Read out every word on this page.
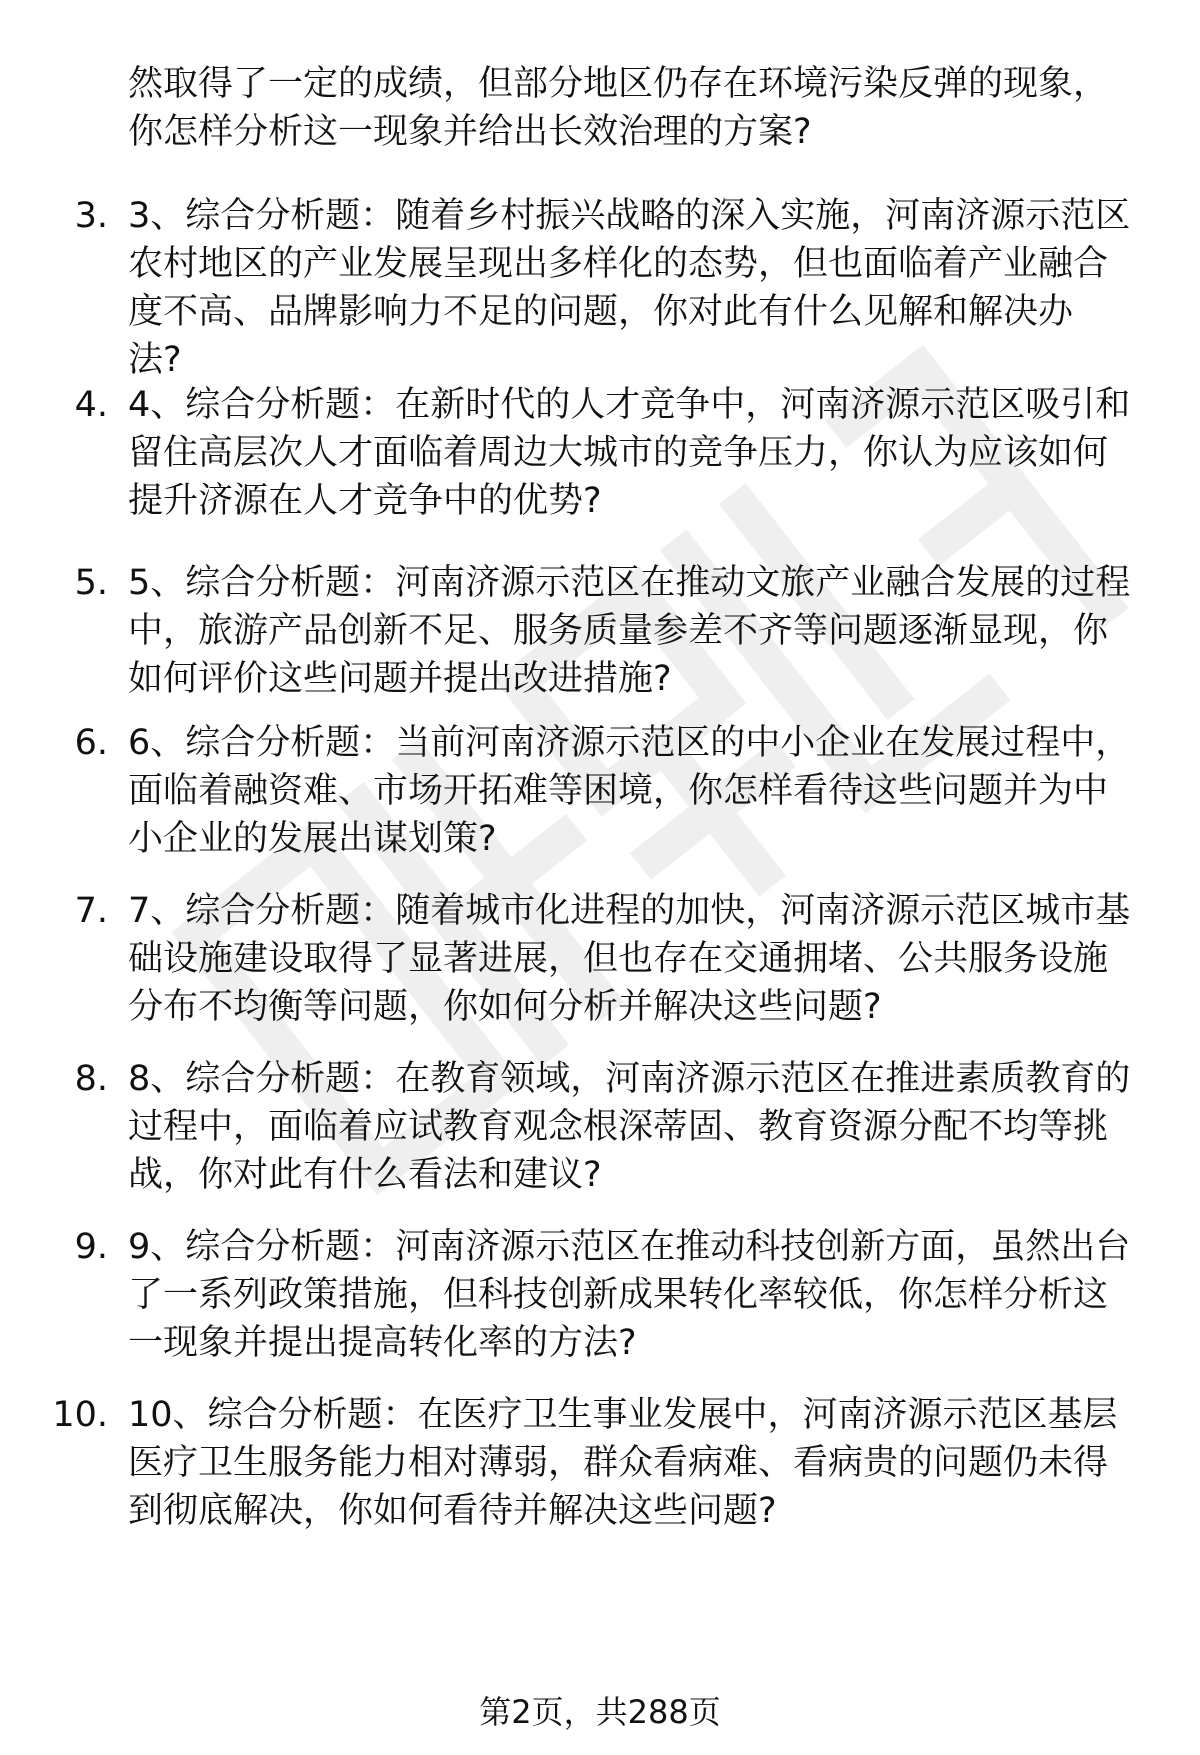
然取得了一定的成绩，但部分地区仍存在环境污染反弹的现象，
你怎样分析这一现象并给出长效治理的方案?
3. 3、综合分析题：随着乡村振兴战略的深入实施，河南济源示范区
农村地区的产业发展呈现出多样化的态势，但也面临着产业融合
度不高、品牌影响力不足的问题，你对此有什么见解和解决办
法?
4. 4、综合分析题：在新时代的人才竞争中，河南济源示范区吸引和
留住高层次人才面临着周边大城市的竞争压力，你认为应该如何
提升济源在人才竞争中的优势?
5. 5、综合分析题：河南济源示范区在推动文旅产业融合发展的过程
中，旅游产品创新不足、服务质量参差不齐等问题逐渐显现，你
如何评价这些问题并提出改进措施?
6. 6、综合分析题：当前河南济源示范区的中小企业在发展过程中，
面临着融资难、市场开拓难等困境，你怎样看待这些问题并为中
小企业的发展出谋划策?
7. 7、综合分析题：随着城市化进程的加快，河南济源示范区城市基
础设施建设取得了显著进展，但也存在交通拥堵、公共服务设施
分布不均衡等问题，你如何分析并解决这些问题?
8. 8、综合分析题：在教育领域，河南济源示范区在推进素质教育的
过程中，面临着应试教育观念根深蒂固、教育资源分配不均等挑
战，你对此有什么看法和建议?
9. 9、综合分析题：河南济源示范区在推动科技创新方面，虽然出台
了一系列政策措施，但科技创新成果转化率较低，你怎样分析这
一现象并提出提高转化率的方法?
10. 10、综合分析题：在医疗卫生事业发展中，河南济源示范区基层
医疗卫生服务能力相对薄弱，群众看病难、看病贵的问题仍未得
到彻底解决，你如何看待并解决这些问题?
第2页，共288页
